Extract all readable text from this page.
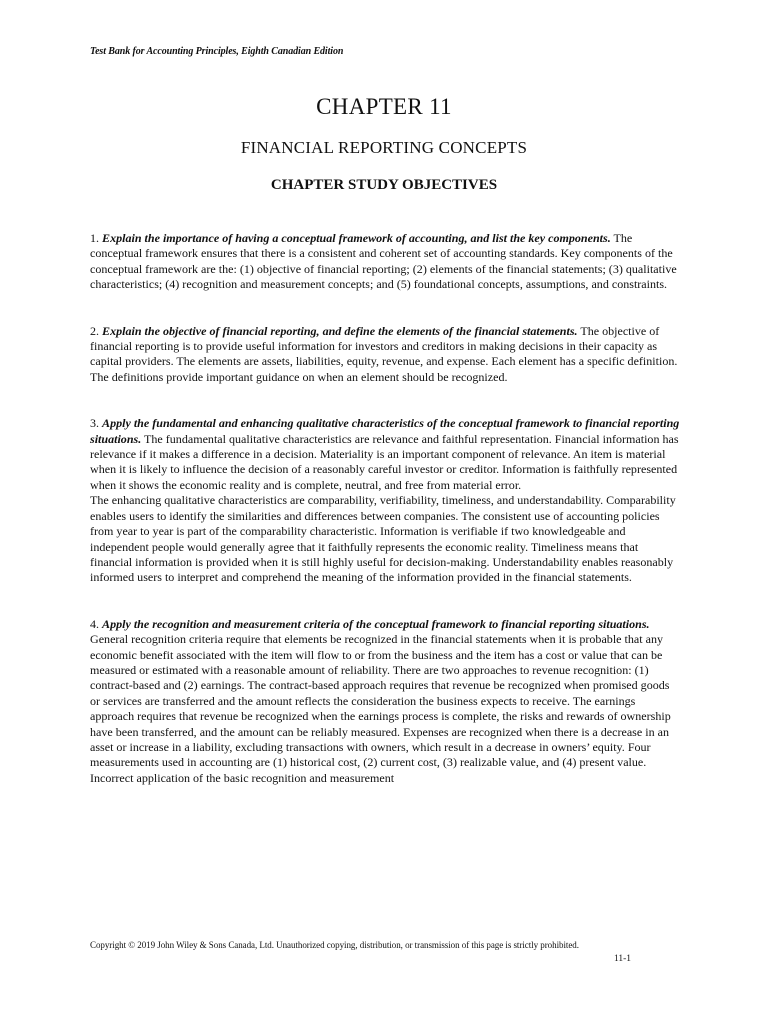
Test Bank for Accounting Principles, Eighth Canadian Edition
CHAPTER 11
FINANCIAL REPORTING CONCEPTS
CHAPTER STUDY OBJECTIVES

1. Explain the importance of having a conceptual framework of accounting, and list the key components. The conceptual framework ensures that there is a consistent and coherent set of accounting standards. Key components of the conceptual framework are the: (1) objective of financial reporting; (2) elements of the financial statements; (3) qualitative characteristics; (4) recognition and measurement concepts; and (5) foundational concepts, assumptions, and constraints.

2. Explain the objective of financial reporting, and define the elements of the financial statements. The objective of financial reporting is to provide useful information for investors and creditors in making decisions in their capacity as capital providers. The elements are assets, liabilities, equity, revenue, and expense. Each element has a specific definition. The definitions provide important guidance on when an element should be recognized.

3. Apply the fundamental and enhancing qualitative characteristics of the conceptual framework to financial reporting situations. The fundamental qualitative characteristics are relevance and faithful representation. Financial information has relevance if it makes a difference in a decision. Materiality is an important component of relevance. An item is material when it is likely to influence the decision of a reasonably careful investor or creditor. Information is faithfully represented when it shows the economic reality and is complete, neutral, and free from material error.

The enhancing qualitative characteristics are comparability, verifiability, timeliness, and understandability. Comparability enables users to identify the similarities and differences between companies. The consistent use of accounting policies from year to year is part of the comparability characteristic. Information is verifiable if two knowledgeable and independent people would generally agree that it faithfully represents the economic reality. Timeliness means that financial information is provided when it is still highly useful for decision-making. Understandability enables reasonably informed users to interpret and comprehend the meaning of the information provided in the financial statements.

4. Apply the recognition and measurement criteria of the conceptual framework to financial reporting situations. General recognition criteria require that elements be recognized in the financial statements when it is probable that any economic benefit associated with the item will flow to or from the business and the item has a cost or value that can be measured or estimated with a reasonable amount of reliability. There are two approaches to revenue recognition: (1) contract-based and (2) earnings. The contract-based approach requires that revenue be recognized when promised goods or services are transferred and the amount reflects the consideration the business expects to receive. The earnings approach requires that revenue be recognized when the earnings process is complete, the risks and rewards of ownership have been transferred, and the amount can be reliably measured. Expenses are recognized when there is a decrease in an asset or increase in a liability, excluding transactions with owners, which result in a decrease in owners’ equity. Four measurements used in accounting are (1) historical cost, (2) current cost, (3) realizable value, and (4) present value. Incorrect application of the basic recognition and measurement

Copyright © 2019 John Wiley & Sons Canada, Ltd. Unauthorized copying, distribution, or transmission of this page is strictly prohibited.
11-1
